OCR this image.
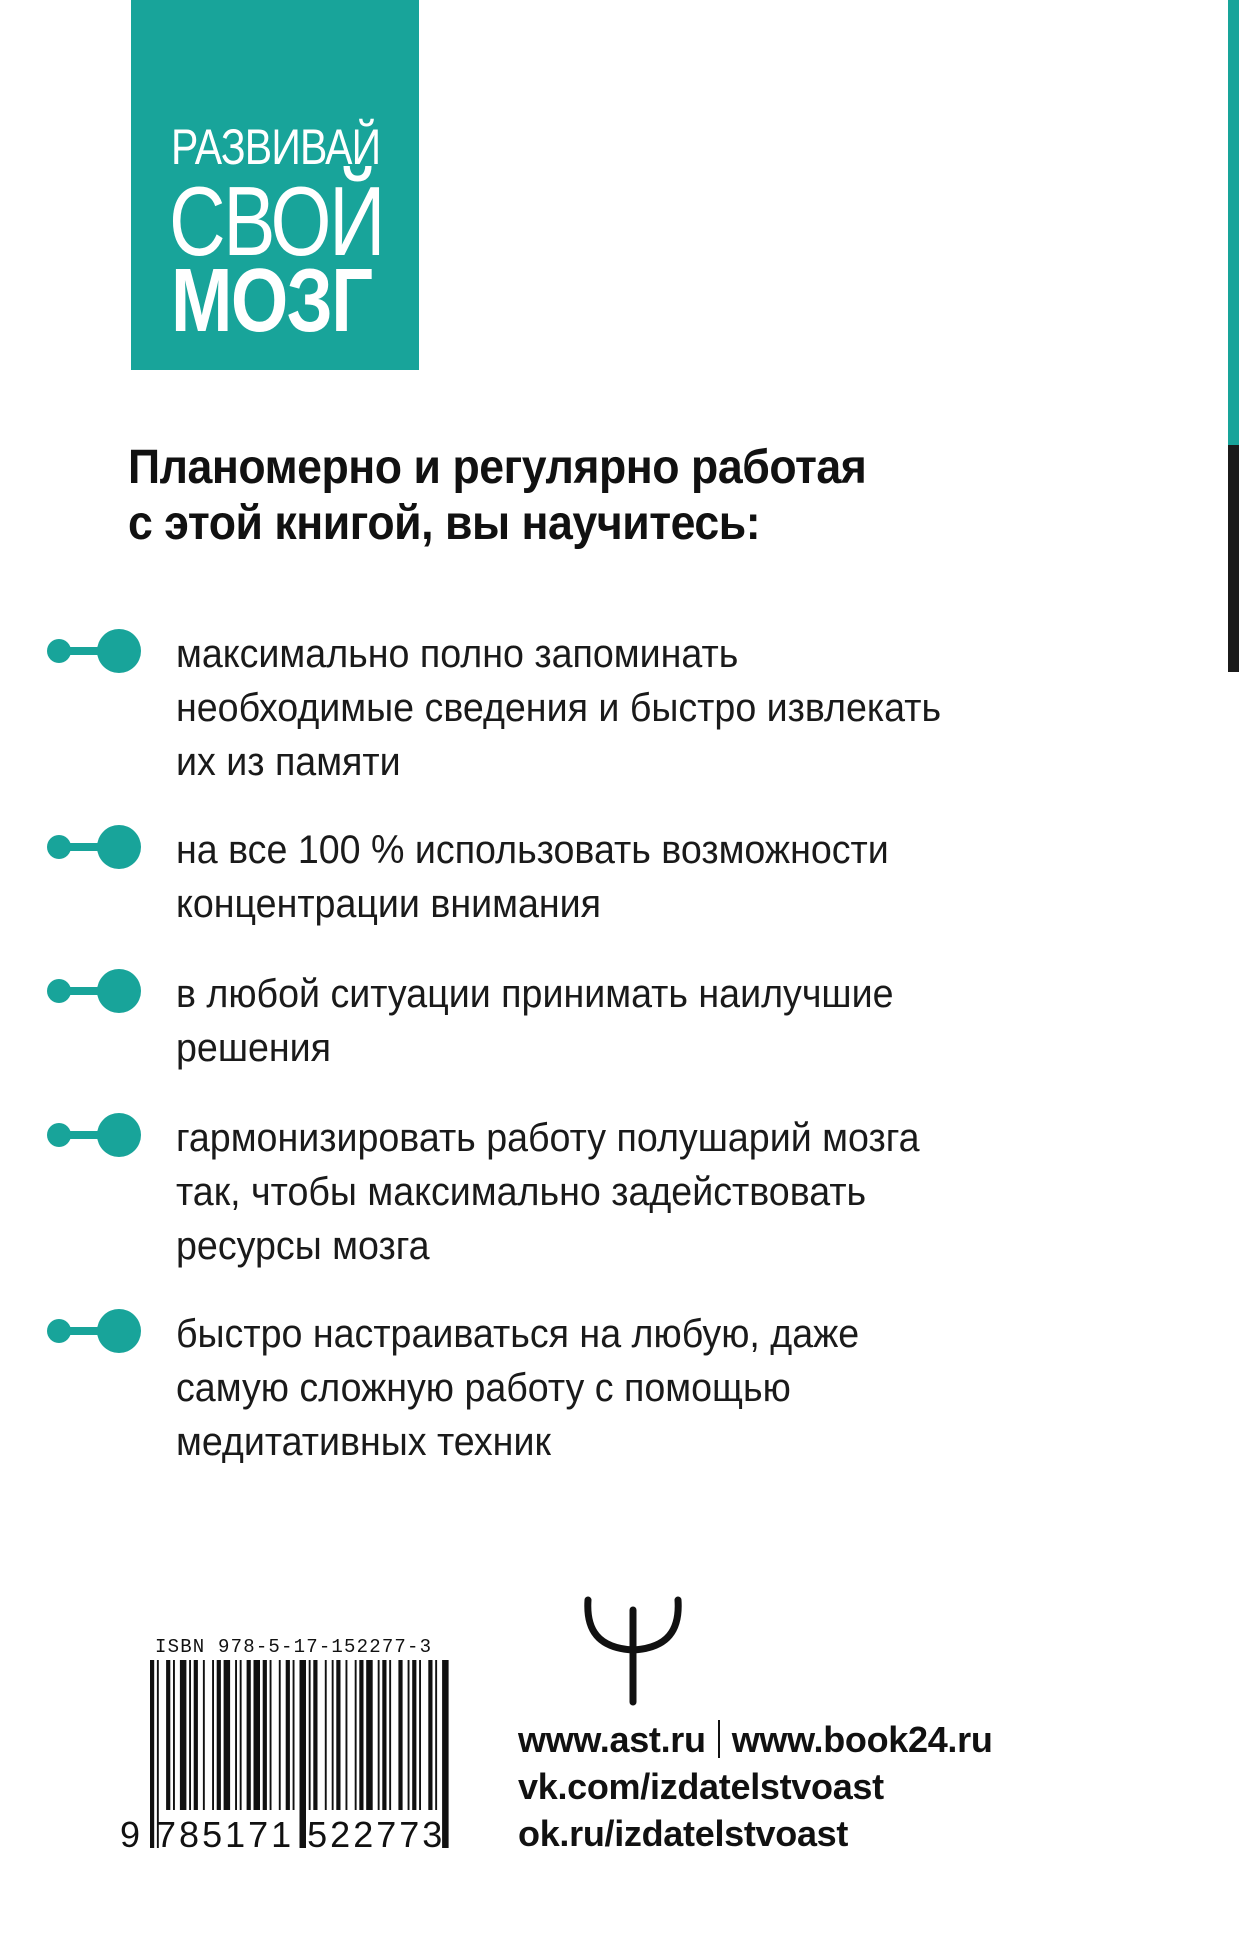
РАЗВИВАЙ
СВОЙ
МОЗГ
Планомерно и регулярно работая
с этой книгой, вы научитесь:
максимально полно запоминать
необходимые сведения и быстро извлекать
их из памяти
на все 100 % использовать возможности
концентрации внимания
в любой ситуации принимать наилучшие
решения
гармонизировать работу полушарий мозга
так, чтобы максимально задействовать
ресурсы мозга
быстро настраиваться на любую, даже
самую сложную работу с помощью
медитативных техник
ISBN 978-5-17-152277-3
9 785171 522773
www.ast.ru www.book24.ru
vk.com/izdatelstvoast
ok.ru/izdatelstvoast
